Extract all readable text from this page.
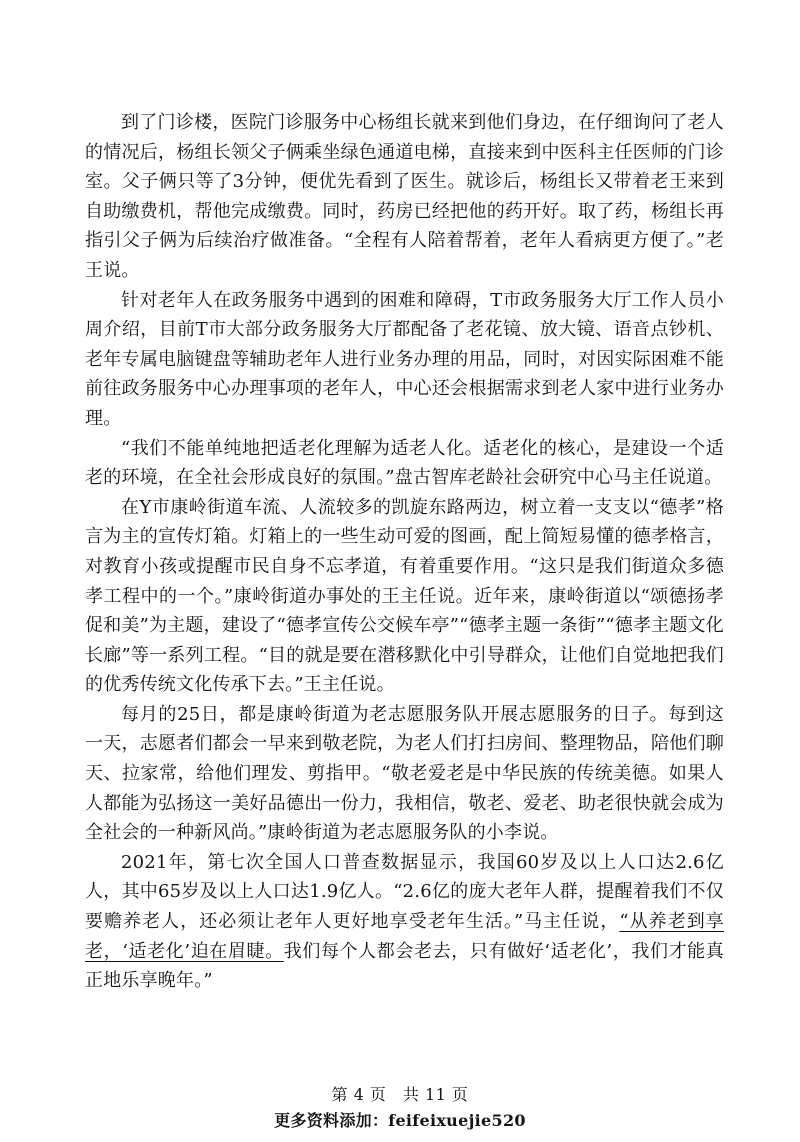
到了门诊楼，医院门诊服务中心杨组长就来到他们身边，在仔细询问了老人的情况后，杨组长领父子俩乘坐绿色通道电梯，直接来到中医科主任医师的门诊室。父子俩只等了3分钟，便优先看到了医生。就诊后，杨组长又带着老王来到自助缴费机，帮他完成缴费。同时，药房已经把他的药开好。取了药，杨组长再指引父子俩为后续治疗做准备。“全程有人陪着帮着，老年人看病更方便了。”老王说。

针对老年人在政务服务中遇到的困难和障碍，T市政务服务大厅工作人员小周介绍，目前T市大部分政务服务大厅都配备了老花镜、放大镜、语音点钞机、老年专属电脑键盘等辅助老年人进行业务办理的用品，同时，对因实际困难不能前往政务服务中心办理事项的老年人，中心还会根据需求到老人家中进行业务办理。

“我们不能单纯地把适老化理解为适老人化。适老化的核心，是建设一个适老的环境，在全社会形成良好的氛围。”盘古智库老龄社会研究中心马主任说道。

在Y市康岭街道车流、人流较多的凯旋东路两边，树立着一支支以“德孝”格言为主的宣传灯箱。灯箱上的一些生动可爱的图画，配上简短易懂的德孝格言，对教育小孩或提醒市民自身不忘孝道，有着重要作用。“这只是我们街道众多德孝工程中的一个。”康岭街道办事处的王主任说。近年来，康岭街道以“颂德扬孝促和美”为主题，建设了“德孝宣传公交候车亭”“德孝主题一条街”“德孝主题文化长廊”等一系列工程。“目的就是要在潜移默化中引导群众，让他们自觉地把我们的优秀传统文化传承下去。”王主任说。

每月的25日，都是康岭街道为老志愿服务队开展志愿服务的日子。每到这一天，志愿者们都会一早来到敬老院，为老人们打扫房间、整理物品，陪他们聊天、拉家常，给他们理发、剪指甲。“敬老爱老是中华民族的传统美德。如果人人都能为弘扬这一美好品德出一份力，我相信，敬老、爱老、助老很快就会成为全社会的一种新风尚。”康岭街道为老志愿服务队的小李说。

2021年，第七次全国人口普查数据显示，我国60岁及以上人口达2.6亿人，其中65岁及以上人口达1.9亿人。“2.6亿的庞大老年人群，提醒着我们不仅要赡养老人，还必须让老年人更好地享受老年生活。”马主任说，“从养老到享老，‘适老化’迫在眉睫。我们每个人都会老去，只有做好‘适老化’，我们才能真正地乐享晚年。”

第 4 页　共 11 页
更多资料添加：feifeixuejie520
